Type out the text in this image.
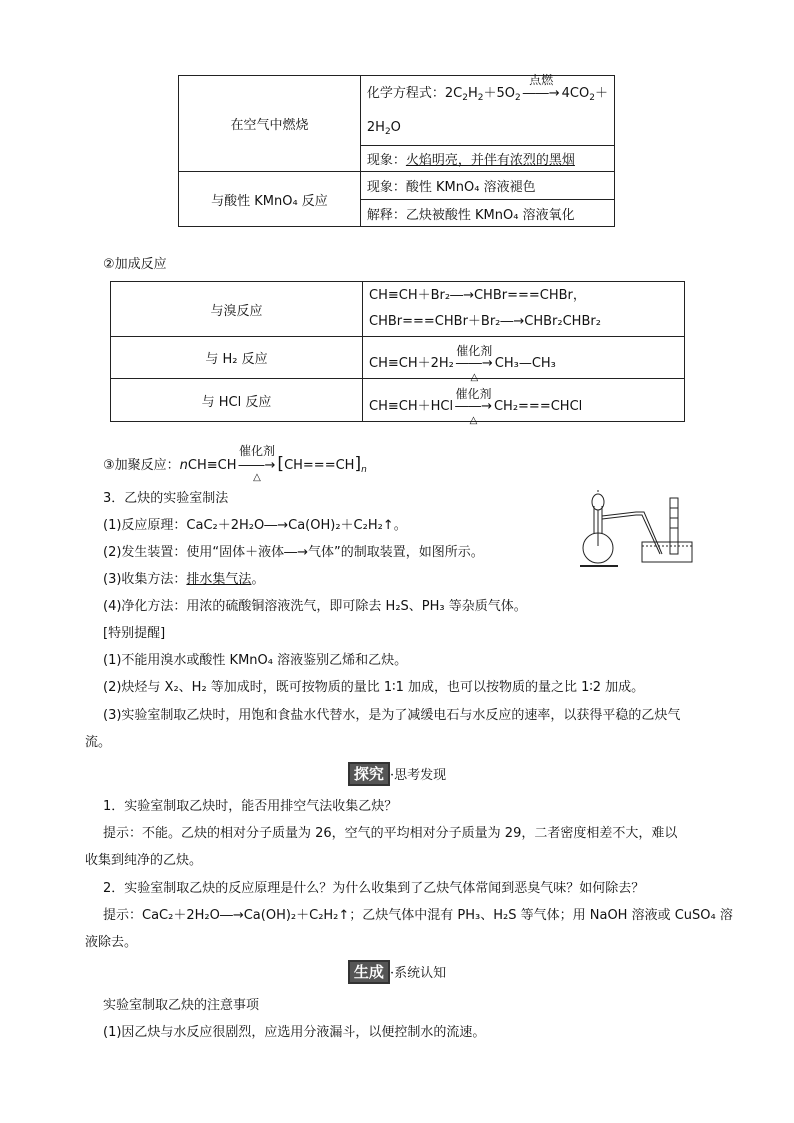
在空气中燃烧	化学方程式：$2C_2H_2+5O_2$
点燃
――→ $4CO_2+$
$2H_2O$

	现象：火焰明亮，并伴有浓烈的黑烟
与酸性 KMnO₄ 反应	现象：酸性 KMnO₄ 溶液褪色
	解释：乙炔被酸性 KMnO₄ 溶液氧化
②加成反应
与溴反应	CH≡CH＋Br₂―→CHBr===CHBr，
CHBr===CHBr＋Br₂―→CHBr₂CHBr₂

与 H₂ 反应	CH≡CH＋2H₂
催化剂
――→
△
CH₃—CH₃
与 HCl 反应	CH≡CH＋HCl
催化剂
――→
△
CH₂===CHCl
③加聚反应：nCH≡CH
催化剂
――→
△
$[CH===CH]_n$
3．乙炔的实验室制法
(1)反应原理：CaC₂＋2H₂O―→Ca(OH)₂＋C₂H₂↑。
(2)发生装置：使用“固体＋液体―→气体”的制取装置，如图所示。
(3)收集方法：排水集气法。
(4)净化方法：用浓的硫酸铜溶液洗气，即可除去 H₂S、PH₃ 等杂质气体。
[特别提醒]
(1)不能用溴水或酸性 KMnO₄ 溶液鉴别乙烯和乙炔。
(2)炔烃与 X₂、H₂ 等加成时，既可按物质的量比 1∶1 加成，也可以按物质的量之比 1∶2 加成。
(3)实验室制取乙炔时，用饱和食盐水代替水，是为了减缓电石与水反应的速率，以获得平稳的乙炔气
流。
探究 ·思考发现
1．实验室制取乙炔时，能否用排空气法收集乙炔？
提示：不能。乙炔的相对分子质量为 26，空气的平均相对分子质量为 29，二者密度相差不大，难以
收集到纯净的乙炔。
2．实验室制取乙炔的反应原理是什么？为什么收集到了乙炔气体常闻到恶臭气味？如何除去？
提示：CaC₂＋2H₂O―→Ca(OH)₂＋C₂H₂↑；乙炔气体中混有 PH₃、H₂S 等气体；用 NaOH 溶液或 CuSO₄ 溶
液除去。
生成 ·系统认知
实验室制取乙炔的注意事项
(1)因乙炔与水反应很剧烈，应选用分液漏斗，以便控制水的流速。
